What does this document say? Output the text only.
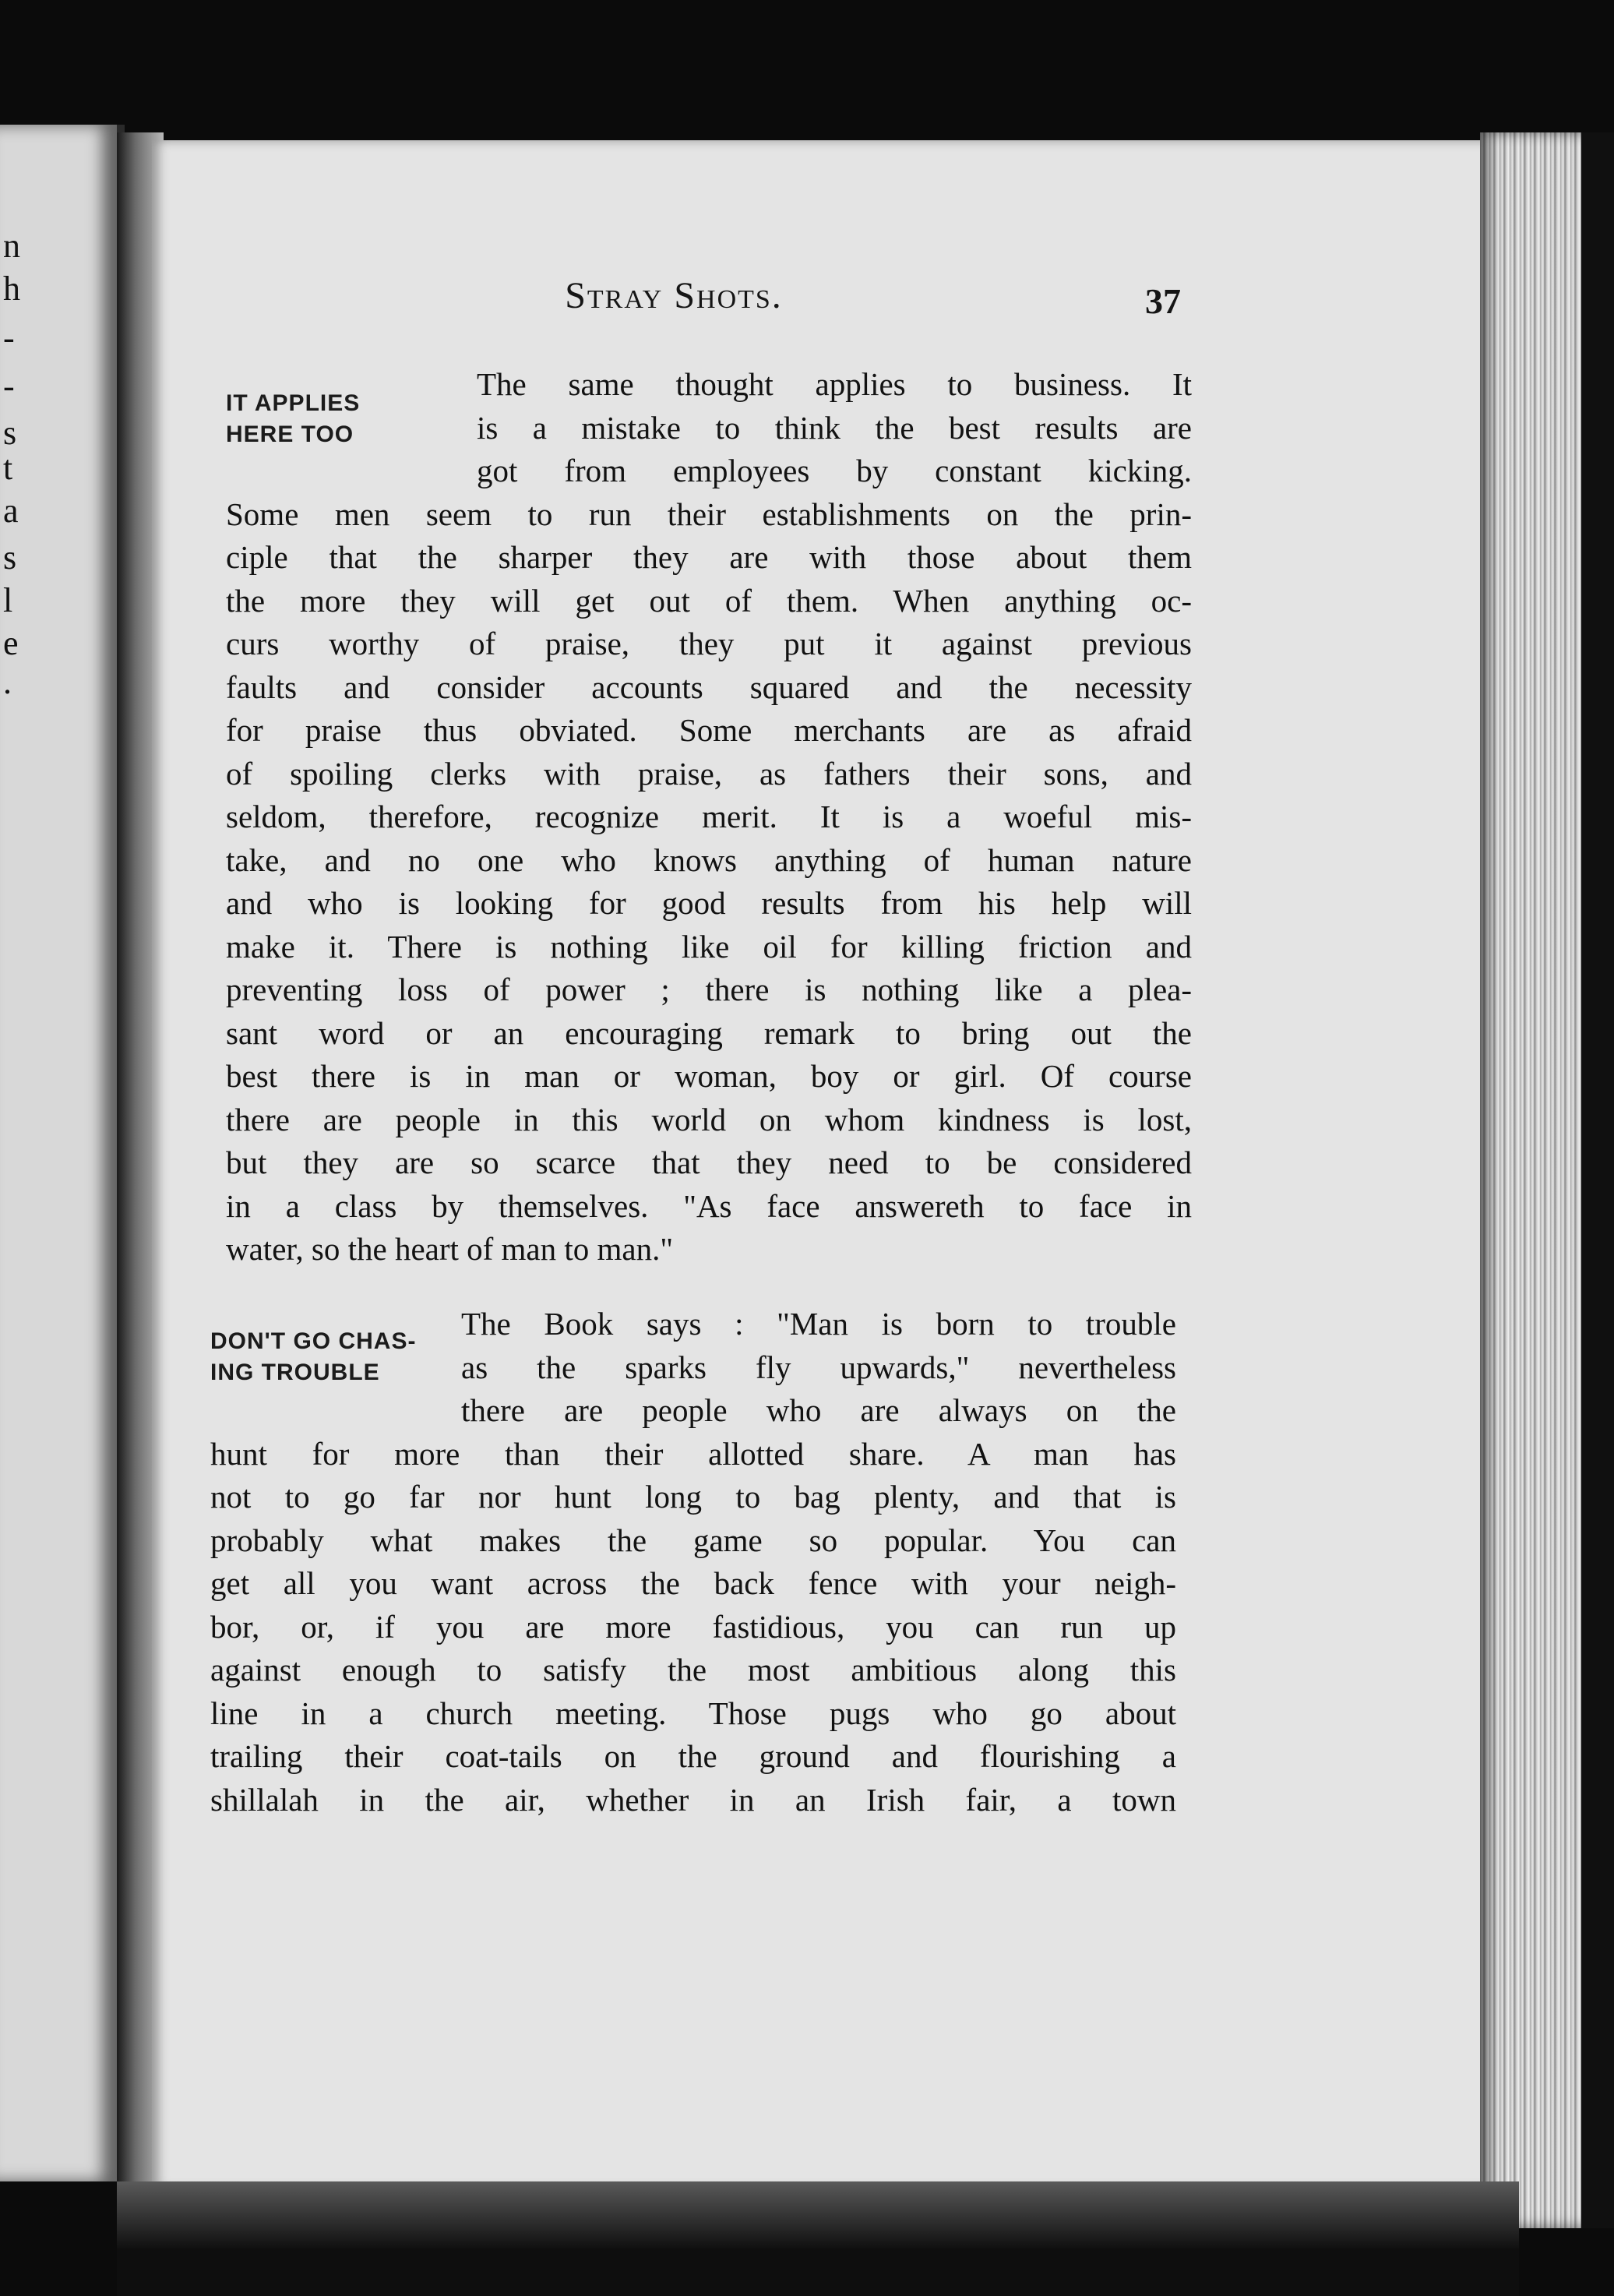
n
h
-
-
s
t
a
s
l
e
.
Stray Shots.	37
IT APPLIES
HERE TOO
DON'T GO CHAS-
ING TROUBLE
The same thought applies to business. It
is a mistake to think the best results are
got from employees by constant kicking.
Some men seem to run their establishments on the prin-
ciple that the sharper they are with those about them
the more they will get out of them. When anything oc-
curs worthy of praise, they put it against previous
faults and consider accounts squared and the necessity
for praise thus obviated. Some merchants are as afraid
of spoiling clerks with praise, as fathers their sons, and
seldom, therefore, recognize merit. It is a woeful mis-
take, and no one who knows anything of human nature
and who is looking for good results from his help will
make it. There is nothing like oil for killing friction and
preventing loss of power ; there is nothing like a plea-
sant word or an encouraging remark to bring out the
best there is in man or woman, boy or girl. Of course
there are people in this world on whom kindness is lost,
but they are so scarce that they need to be considered
in a class by themselves. "As face answereth to face in
water, so the heart of man to man."
The Book says : "Man is born to trouble
as the sparks fly upwards," nevertheless
there are people who are always on the
hunt for more than their allotted share. A man has
not to go far nor hunt long to bag plenty, and that is
probably what makes the game so popular. You can
get all you want across the back fence with your neigh-
bor, or, if you are more fastidious, you can run up
against enough to satisfy the most ambitious along this
line in a church meeting. Those pugs who go about
trailing their coat-tails on the ground and flourishing a
shillalah in the air, whether in an Irish fair, a town
